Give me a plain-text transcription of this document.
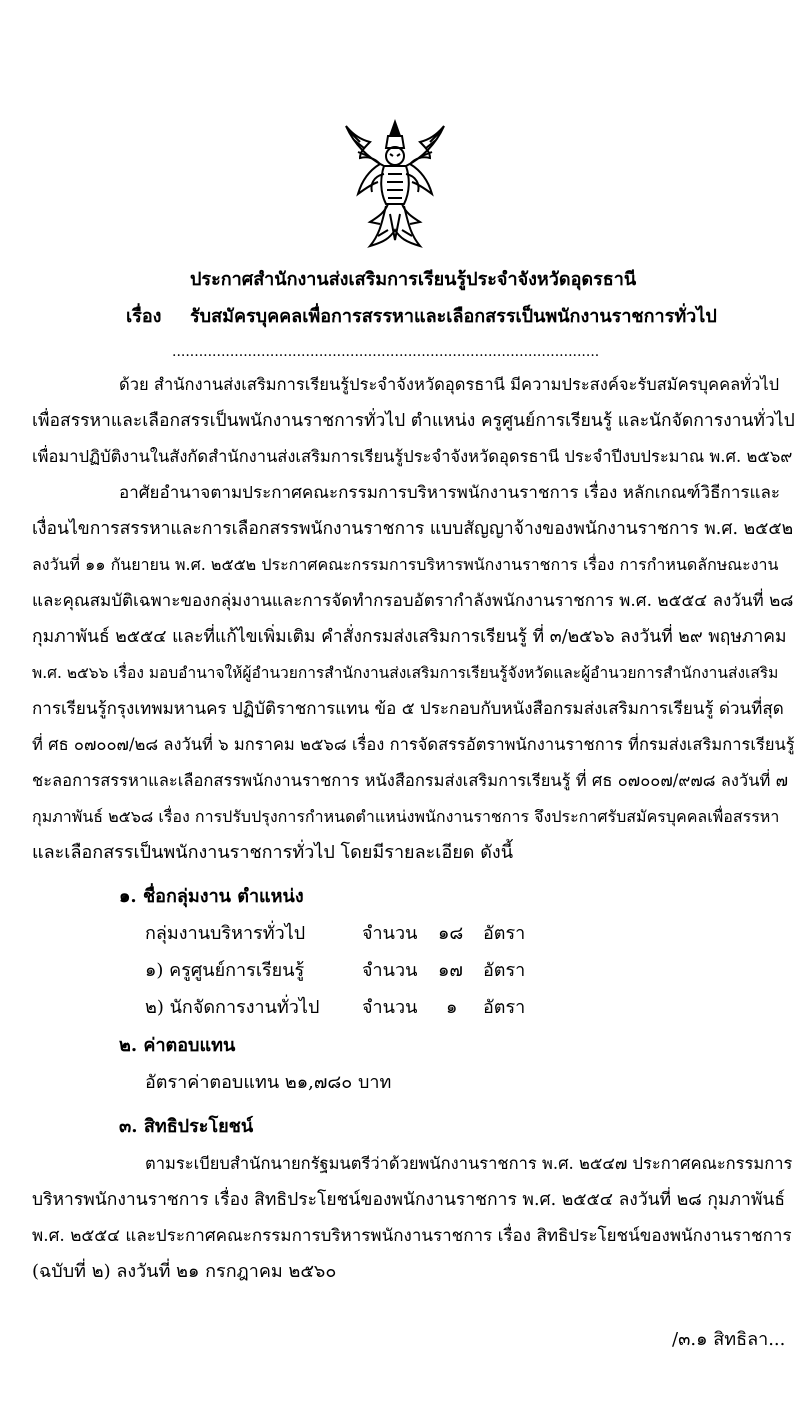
ประกาศสำนักงานส่งเสริมการเรียนรู้ประจำจังหวัดอุดรธานี
เรื่อง รับสมัครบุคคลเพื่อการสรรหาและเลือกสรรเป็นพนักงานราชการทั่วไป
................................................................................................
ด้วย สำนักงานส่งเสริมการเรียนรู้ประจำจังหวัดอุดรธานี มีความประสงค์จะรับสมัครบุคคลทั่วไป
เพื่อสรรหาและเลือกสรรเป็นพนักงานราชการทั่วไป ตำแหน่ง ครูศูนย์การเรียนรู้ และนักจัดการงานทั่วไป
เพื่อมาปฏิบัติงานในสังกัดสำนักงานส่งเสริมการเรียนรู้ประจำจังหวัดอุดรธานี ประจำปีงบประมาณ พ.ศ. ๒๕๖๙
อาศัยอำนาจตามประกาศคณะกรรมการบริหารพนักงานราชการ เรื่อง หลักเกณฑ์วิธีการและ
เงื่อนไขการสรรหาและการเลือกสรรพนักงานราชการ แบบสัญญาจ้างของพนักงานราชการ พ.ศ. ๒๕๕๒
ลงวันที่ ๑๑ กันยายน พ.ศ. ๒๕๕๒ ประกาศคณะกรรมการบริหารพนักงานราชการ เรื่อง การกำหนดลักษณะงาน
และคุณสมบัติเฉพาะของกลุ่มงานและการจัดทำกรอบอัตรากำลังพนักงานราชการ พ.ศ. ๒๕๕๔ ลงวันที่ ๒๘
กุมภาพันธ์ ๒๕๕๔ และที่แก้ไขเพิ่มเติม คำสั่งกรมส่งเสริมการเรียนรู้ ที่ ๓/๒๕๖๖ ลงวันที่ ๒๙ พฤษภาคม
พ.ศ. ๒๕๖๖ เรื่อง มอบอำนาจให้ผู้อำนวยการสำนักงานส่งเสริมการเรียนรู้จังหวัดและผู้อำนวยการสำนักงานส่งเสริม
การเรียนรู้กรุงเทพมหานคร ปฏิบัติราชการแทน ข้อ ๕ ประกอบกับหนังสือกรมส่งเสริมการเรียนรู้ ด่วนที่สุด
ที่ ศธ ๐๗๐๐๗/๒๘ ลงวันที่ ๖ มกราคม ๒๕๖๘ เรื่อง การจัดสรรอัตราพนักงานราชการ ที่กรมส่งเสริมการเรียนรู้
ชะลอการสรรหาและเลือกสรรพนักงานราชการ หนังสือกรมส่งเสริมการเรียนรู้ ที่ ศธ ๐๗๐๐๗/๙๗๘ ลงวันที่ ๗
กุมภาพันธ์ ๒๕๖๘ เรื่อง การปรับปรุงการกำหนดตำแหน่งพนักงานราชการ จึงประกาศรับสมัครบุคคลเพื่อสรรหา
และเลือกสรรเป็นพนักงานราชการทั่วไป โดยมีรายละเอียด ดังนี้
๑. ชื่อกลุ่มงาน ตำแหน่ง
กลุ่มงานบริหารทั่วไป	จำนวน ๑๘ อัตรา
๑) ครูศูนย์การเรียนรู้	จำนวน ๑๗ อัตรา
๒) นักจัดการงานทั่วไป จำนวน ๑ อัตรา
๒. ค่าตอบแทน
อัตราค่าตอบแทน ๒๑,๗๘๐ บาท
๓. สิทธิประโยชน์
ตามระเบียบสำนักนายกรัฐมนตรีว่าด้วยพนักงานราชการ พ.ศ. ๒๕๔๗ ประกาศคณะกรรมการ
บริหารพนักงานราชการ เรื่อง สิทธิประโยชน์ของพนักงานราชการ พ.ศ. ๒๕๕๔ ลงวันที่ ๒๘ กุมภาพันธ์
พ.ศ. ๒๕๕๔ และประกาศคณะกรรมการบริหารพนักงานราชการ เรื่อง สิทธิประโยชน์ของพนักงานราชการ
(ฉบับที่ ๒) ลงวันที่ ๒๑ กรกฎาคม ๒๕๖๐
/๓.๑ สิทธิลา...
